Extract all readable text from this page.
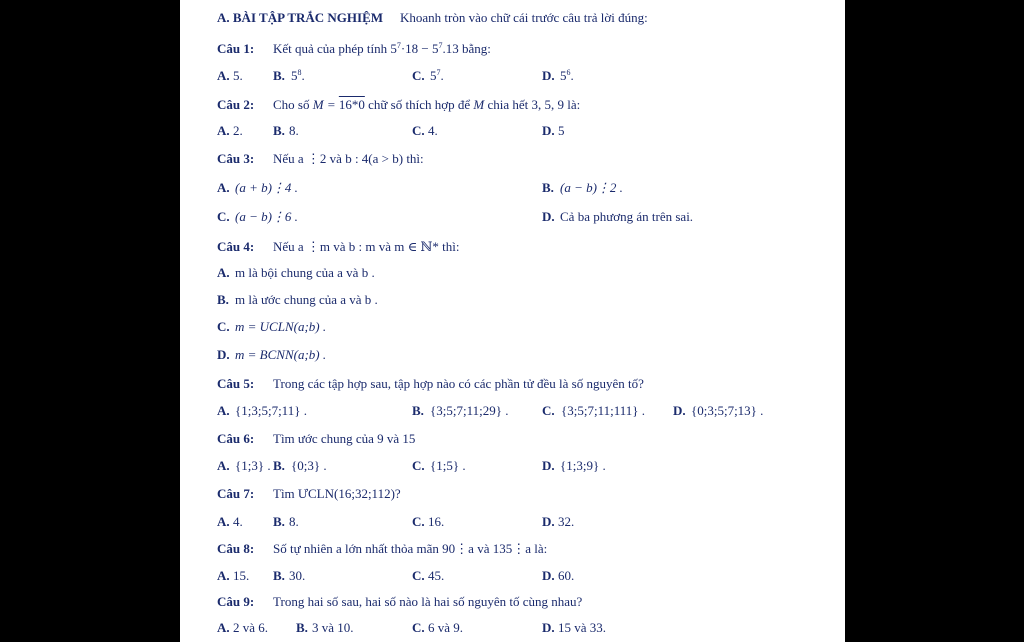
A. BÀI TẬP TRẮC NGHIỆM Khoanh tròn vào chữ cái trước câu trả lời đúng:
Câu 1: Kết quả của phép tính $5^7\cdot 18 - 5^7.13$ bằng:
A. 5. B. $5^8$.	C. $5^7$.	D. $5^6$.
Câu 2: Cho số M = 16*0 chữ số thích hợp để M chia hết 3, 5, 9 là:
A. 2. B. 8.	C. 4.	D. 5
Câu 3: Nếu a ⋮2 và b : 4(a > b) thì:
A. (a + b)⋮4 .	B. (a − b)⋮2 .
C. (a − b)⋮6 .	D. Cả ba phương án trên sai.
Câu 4: Nếu a ⋮m và b : m và m ∈ ℕ* thì:
A. m là bội chung của a và b .
B. m là ước chung của a và b .
C. m = UCLN(a;b) .
D. m = BCNN(a;b) .
Câu 5: Trong các tập hợp sau, tập hợp nào có các phần tử đều là số nguyên tố?
A. {1;3;5;7;11} .	B. {3;5;7;11;29} .	C. {3;5;7;11;111} . D. {0;3;5;7;13} .
Câu 6: Tìm ước chung của 9 và 15
A. {1;3} . B. {0;3} .	C. {1;5} .	D. {1;3;9} .
Câu 7: Tìm ƯCLN(16;32;112)?
A. 4. B. 8.	C. 16.	D. 32.
Câu 8: Số tự nhiên a lớn nhất thỏa mãn 90⋮a và 135⋮a là:
A. 15. B. 30.	C. 45.	D. 60.
Câu 9: Trong hai số sau, hai số nào là hai số nguyên tố cùng nhau?
A. 2 và 6. B. 3 và 10.	C. 6 và 9.	D. 15 và 33.
